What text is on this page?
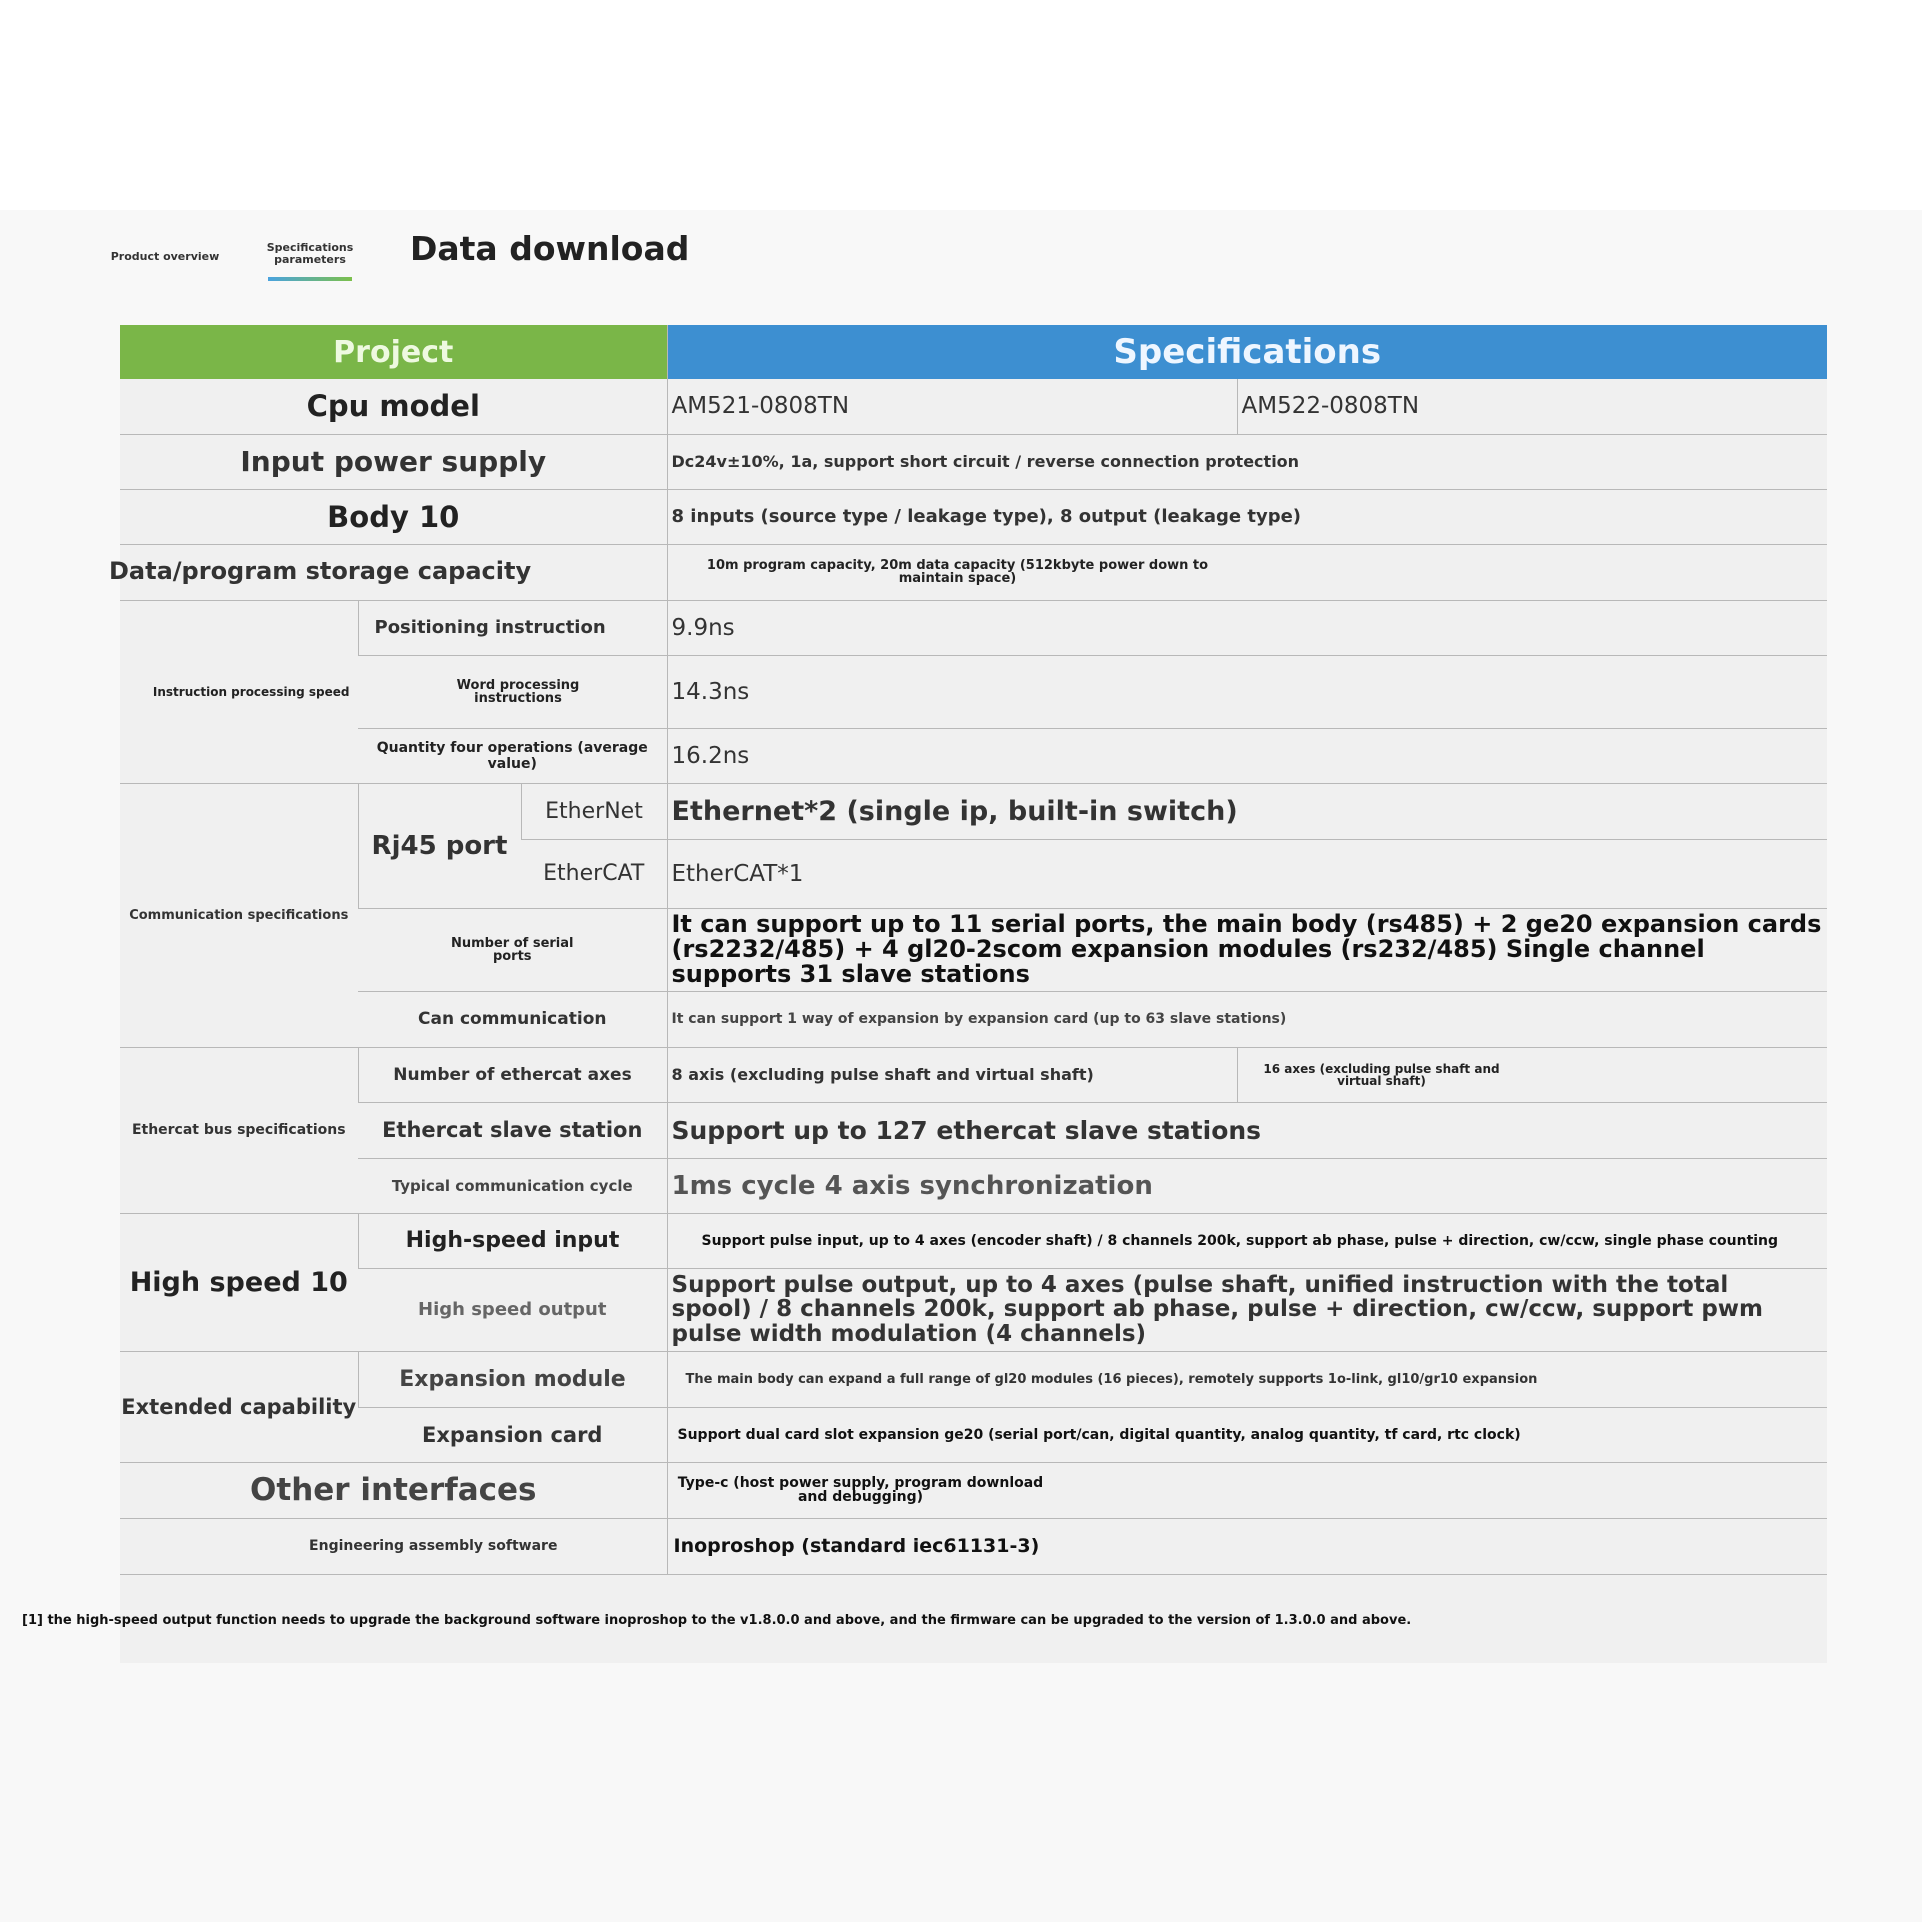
Product overview
Specifications parameters	Data download
Project			Specifications	
Cpu model			AM521-0808TN	AM522-0808TN
Input power supply			Dc24v±10%, 1a, support short circuit / reverse connection protection	
Body 10			8 inputs (source type / leakage type), 8 output (leakage type)	

Data/program storage capacity			10m program capacity, 20m data capacity (512kbyte power down to maintain space)	

Instruction processing speed	Positioning instruction		9.9ns	

	Word processing instructions		14.3ns	
	Quantity four operations (average value)		16.2ns	
Communication specifications	Rj45 port	EtherNet	Ethernet*2 (single ip, built-in switch)	
		EtherCAT	EtherCAT*1	

	Number of serial ports		It can support up to 11 serial ports, the main body (rs485) + 2 ge20 expansion cards (rs2232/485) + 4 gl20-2scom expansion modules (rs232/485) Single channel supports 31 slave stations	
	Can communication		It can support 1 way of expansion by expansion card (up to 63 slave stations)	
Ethercat bus specifications	Number of ethercat axes		8 axis (excluding pulse shaft and virtual shaft)	16 axes (excluding pulse shaft and virtual shaft)

	Ethercat slave station		Support up to 127 ethercat slave stations	
	Typical communication cycle		1ms cycle 4 axis synchronization	
High speed 10	High-speed input		Support pulse input, up to 4 axes (encoder shaft) / 8 channels 200k, support ab phase, pulse + direction, cw/ccw, single phase counting	
	High speed output		Support pulse output, up to 4 axes (pulse shaft, unified instruction with the total spool) / 8 channels 200k, support ab phase, pulse + direction, cw/ccw, support pwm pulse width modulation (4 channels)	
Extended capability	Expansion module		The main body can expand a full range of gl20 modules (16 pieces), remotely supports 1o-link, gl10/gr10 expansion	
	Expansion card		Support dual card slot expansion ge20 (serial port/can, digital quantity, analog quantity, tf card, rtc clock)	
Other interfaces			Type-c (host power supply, program download and debugging)	

Engineering assembly software			Inoproshop (standard iec61131-3)	
[1] the high-speed output function needs to upgrade the background software inoproshop to the v1.8.0.0 and above, and the firmware can be upgraded to the version of 1.3.0.0 and above.
